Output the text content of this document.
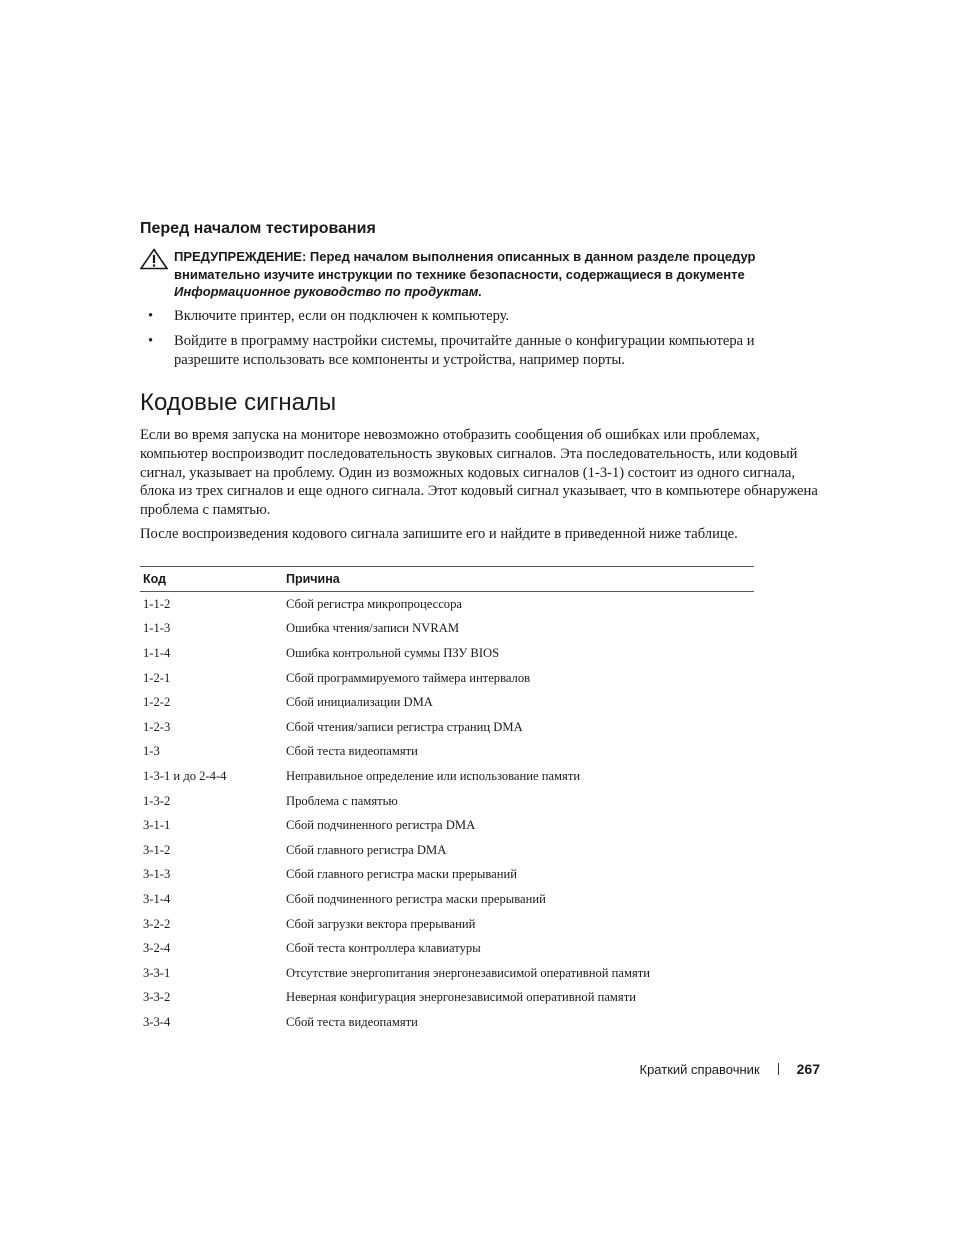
Перед началом тестирования
ПРЕДУПРЕЖДЕНИЕ: Перед началом выполнения описанных в данном разделе процедур внимательно изучите инструкции по технике безопасности, содержащиеся в документе Информационное руководство по продуктам.
• Включите принтер, если он подключен к компьютеру.
• Войдите в программу настройки системы, прочитайте данные о конфигурации компьютера и разрешите использовать все компоненты и устройства, например порты.
Кодовые сигналы

Если во время запуска на мониторе невозможно отобразить сообщения об ошибках или проблемах, компьютер воспроизводит последовательность звуковых сигналов. Эта последовательность, или кодовый сигнал, указывает на проблему. Один из возможных кодовых сигналов (1-3-1) состоит из одного сигнала, блока из трех сигналов и еще одного сигнала. Этот кодовый сигнал указывает, что в компьютере обнаружена проблема с памятью.

После воспроизведения кодового сигнала запишите его и найдите в приведенной ниже таблице.

Код	Причина
1-1-2	Сбой регистра микропроцессора
1-1-3	Ошибка чтения/записи NVRAM
1-1-4	Ошибка контрольной суммы ПЗУ BIOS
1-2-1	Сбой программируемого таймера интервалов
1-2-2	Сбой инициализации DMA
1-2-3	Сбой чтения/записи регистра страниц DMA
1-3	Сбой теста видеопамяти
1-3-1 и до 2-4-4	Неправильное определение или использование памяти
1-3-2	Проблема с памятью
3-1-1	Сбой подчиненного регистра DMA
3-1-2	Сбой главного регистра DMA
3-1-3	Сбой главного регистра маски прерываний
3-1-4	Сбой подчиненного регистра маски прерываний
3-2-2	Сбой загрузки вектора прерываний
3-2-4	Сбой теста контроллера клавиатуры
3-3-1	Отсутствие энергопитания энергонезависимой оперативной памяти
3-3-2	Неверная конфигурация энергонезависимой оперативной памяти
3-3-4	Сбой теста видеопамяти
Краткий справочник	267
